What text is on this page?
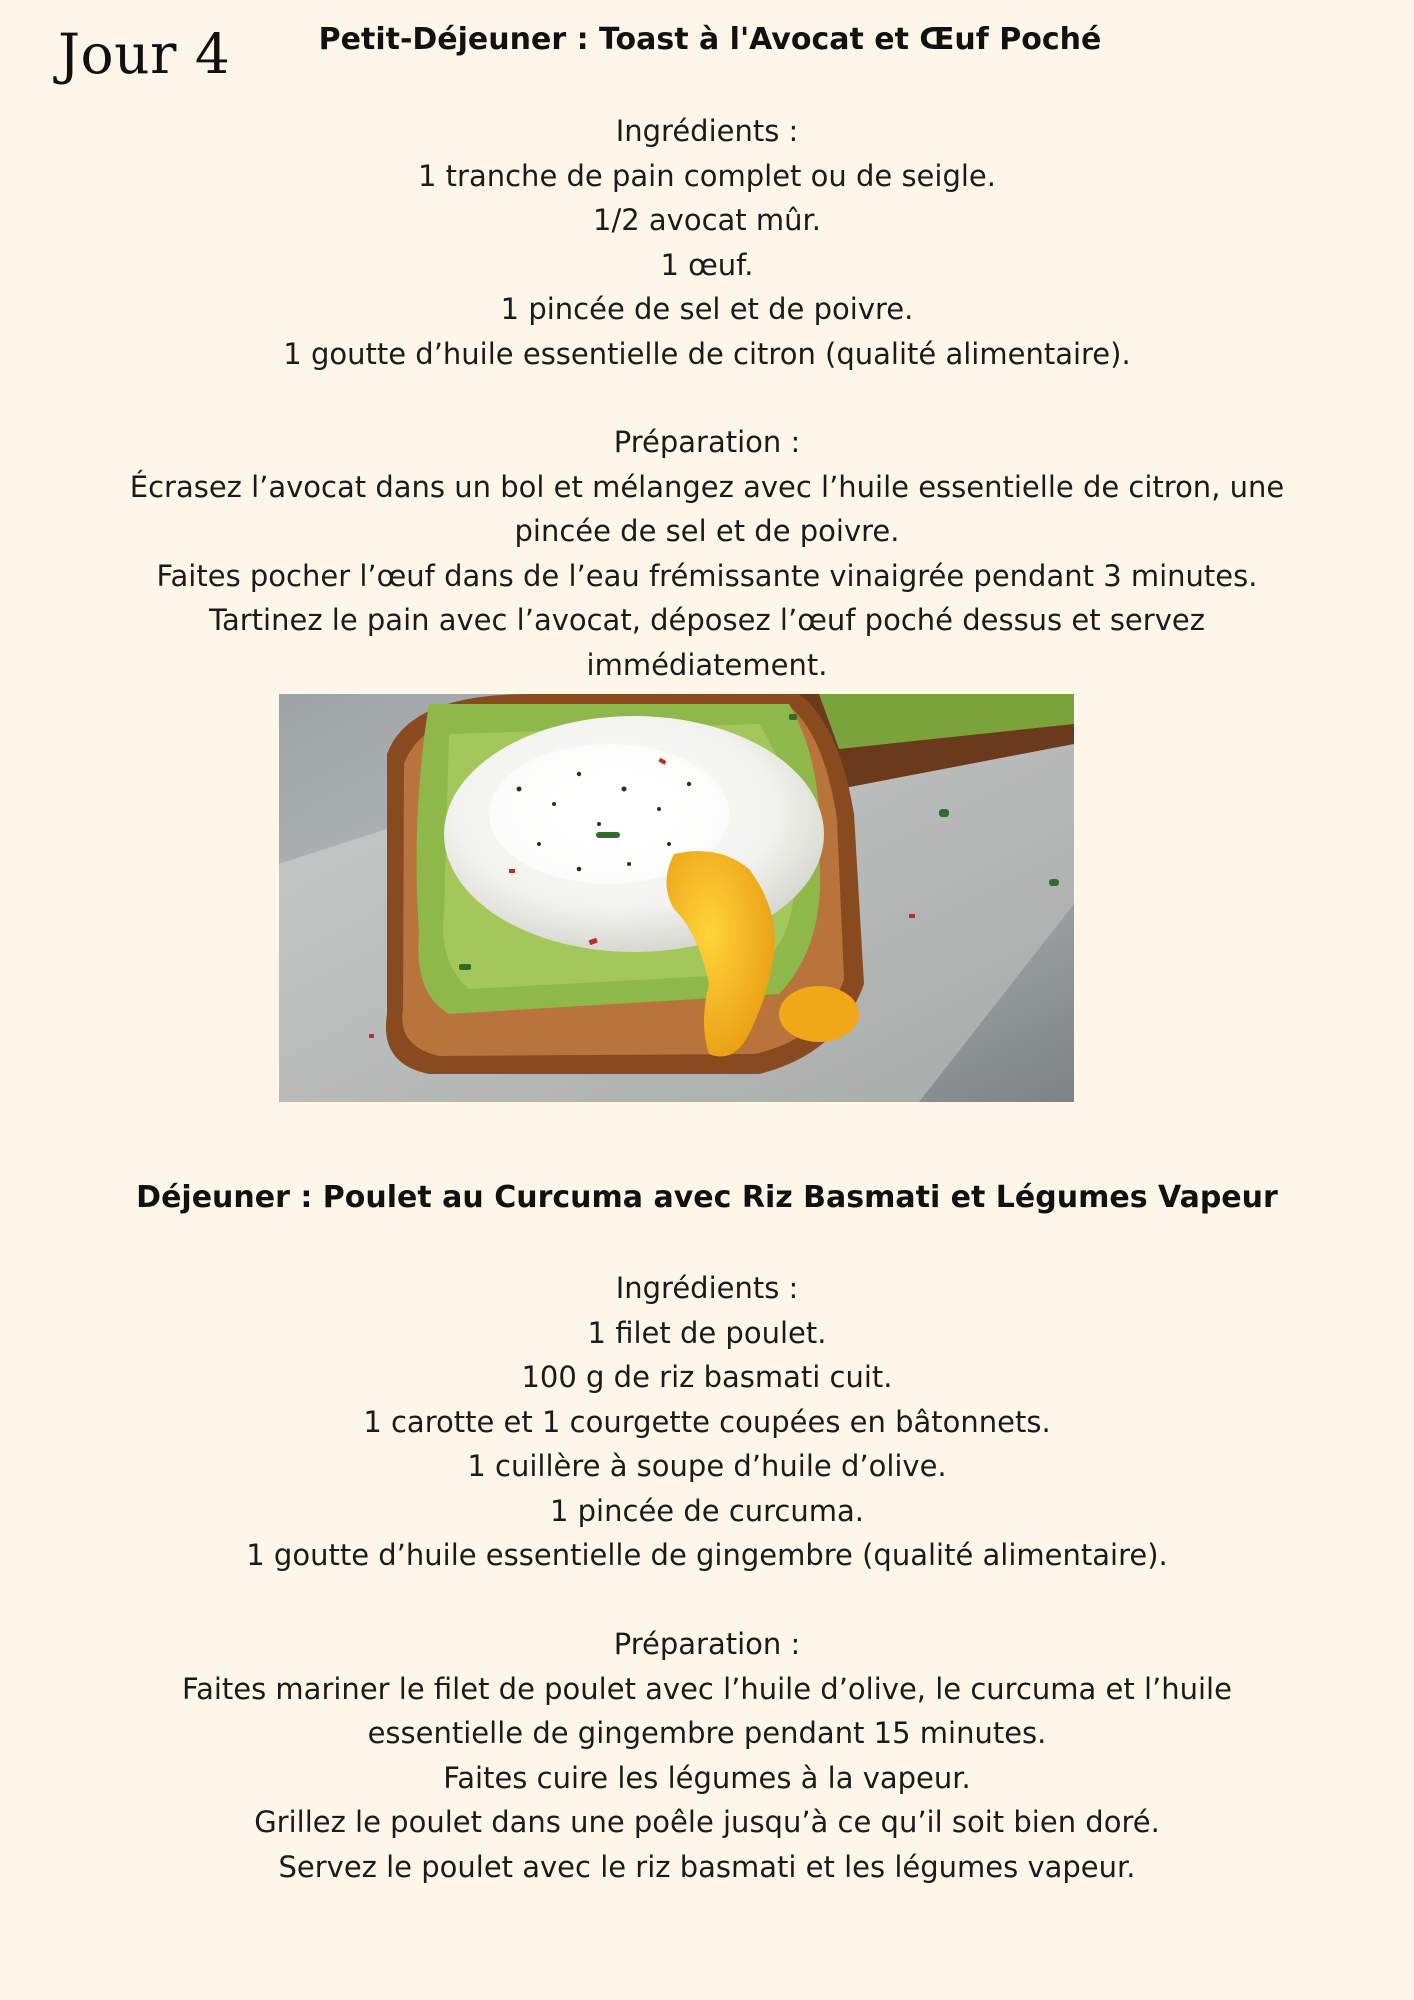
Jour 4	Petit-Déjeuner : Toast à l'Avocat et Œuf Poché
Ingrédients :
1 tranche de pain complet ou de seigle.
1/2 avocat mûr.
1 œuf.
1 pincée de sel et de poivre.
1 goutte d’huile essentielle de citron (qualité alimentaire).
Préparation :
Écrasez l’avocat dans un bol et mélangez avec l’huile essentielle de citron, une
pincée de sel et de poivre.
Faites pocher l’œuf dans de l’eau frémissante vinaigrée pendant 3 minutes.
Tartinez le pain avec l’avocat, déposez l’œuf poché dessus et servez
immédiatement.
Déjeuner : Poulet au Curcuma avec Riz Basmati et Légumes Vapeur
Ingrédients :
1 filet de poulet.
100 g de riz basmati cuit.
1 carotte et 1 courgette coupées en bâtonnets.
1 cuillère à soupe d’huile d’olive.
1 pincée de curcuma.
1 goutte d’huile essentielle de gingembre (qualité alimentaire).
Préparation :
Faites mariner le filet de poulet avec l’huile d’olive, le curcuma et l’huile
essentielle de gingembre pendant 15 minutes.
Faites cuire les légumes à la vapeur.
Grillez le poulet dans une poêle jusqu’à ce qu’il soit bien doré.
Servez le poulet avec le riz basmati et les légumes vapeur.
